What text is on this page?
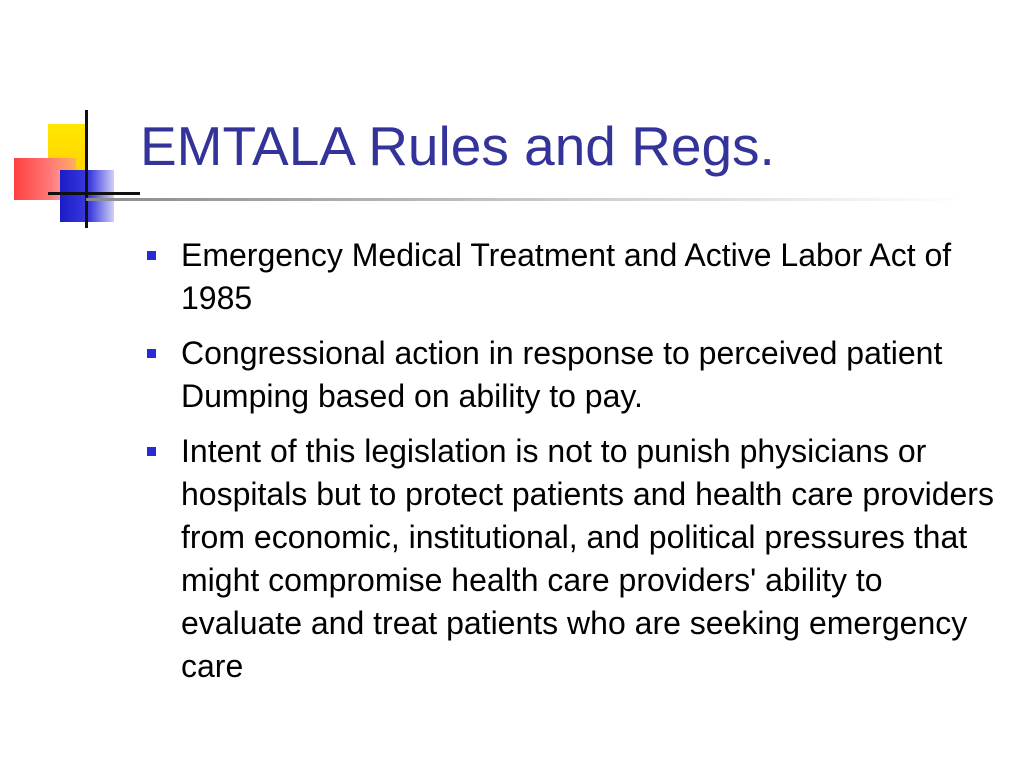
EMTALA Rules and Regs.
Emergency Medical Treatment and Active Labor Act of 1985
Congressional action in response to perceived patient Dumping based on ability to pay.
Intent of this legislation is not to punish physicians or hospitals but to protect patients and health care providers from economic, institutional, and political pressures that might compromise health care providers' ability to evaluate and treat patients who are seeking emergency care
